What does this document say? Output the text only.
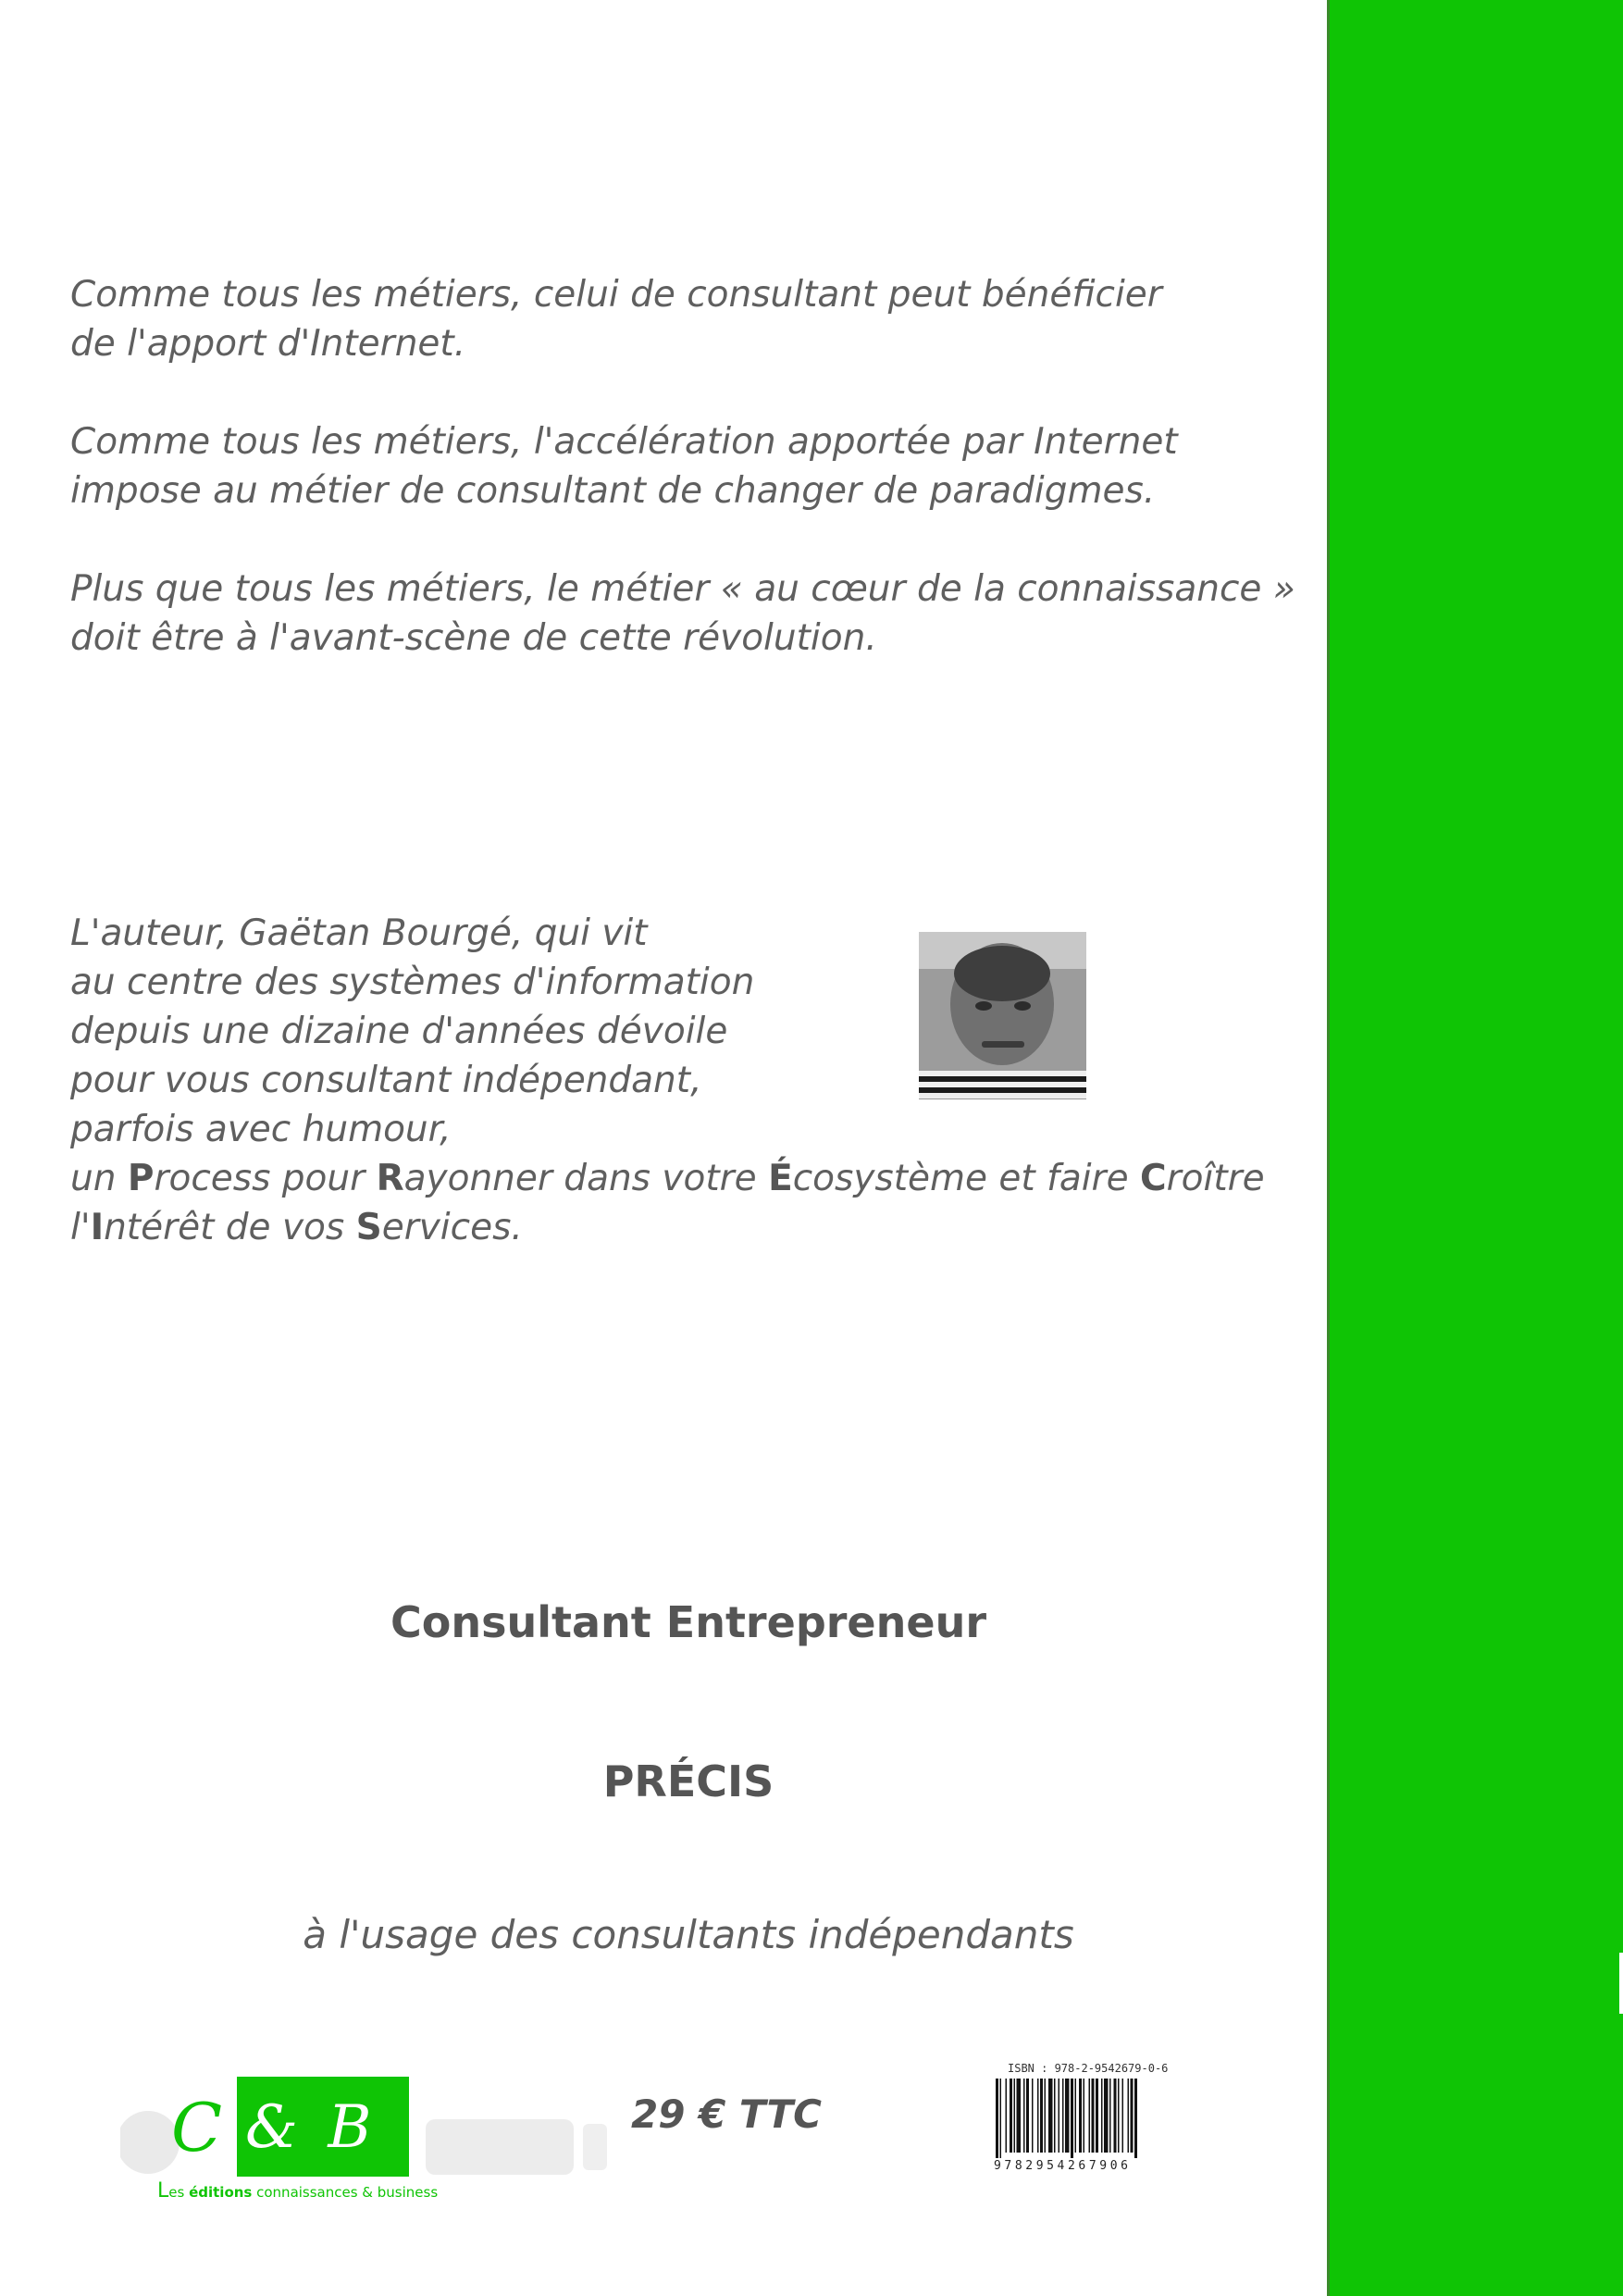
Comme tous les métiers, celui de consultant peut bénéficier
de l'apport d'Internet.

Comme tous les métiers, l'accélération apportée par Internet
impose au métier de consultant de changer de paradigmes.

Plus que tous les métiers, le métier « au cœur de la connaissance »
doit être à l'avant-scène de cette révolution.

L'auteur, Gaëtan Bourgé, qui vit
au centre des systèmes d'information
depuis une dizaine d'années dévoile
pour vous consultant indépendant,
parfois avec humour,
un Process pour Rayonner dans votre Écosystème et faire Croître
l'Intérêt de vos Services.

Consultant Entrepreneur
PRÉCIS
à l'usage des consultants indépendants
C & B
Les éditions connaissances & business
29 € TTC
ISBN : 978-2-9542679-0-6
9782954267906
